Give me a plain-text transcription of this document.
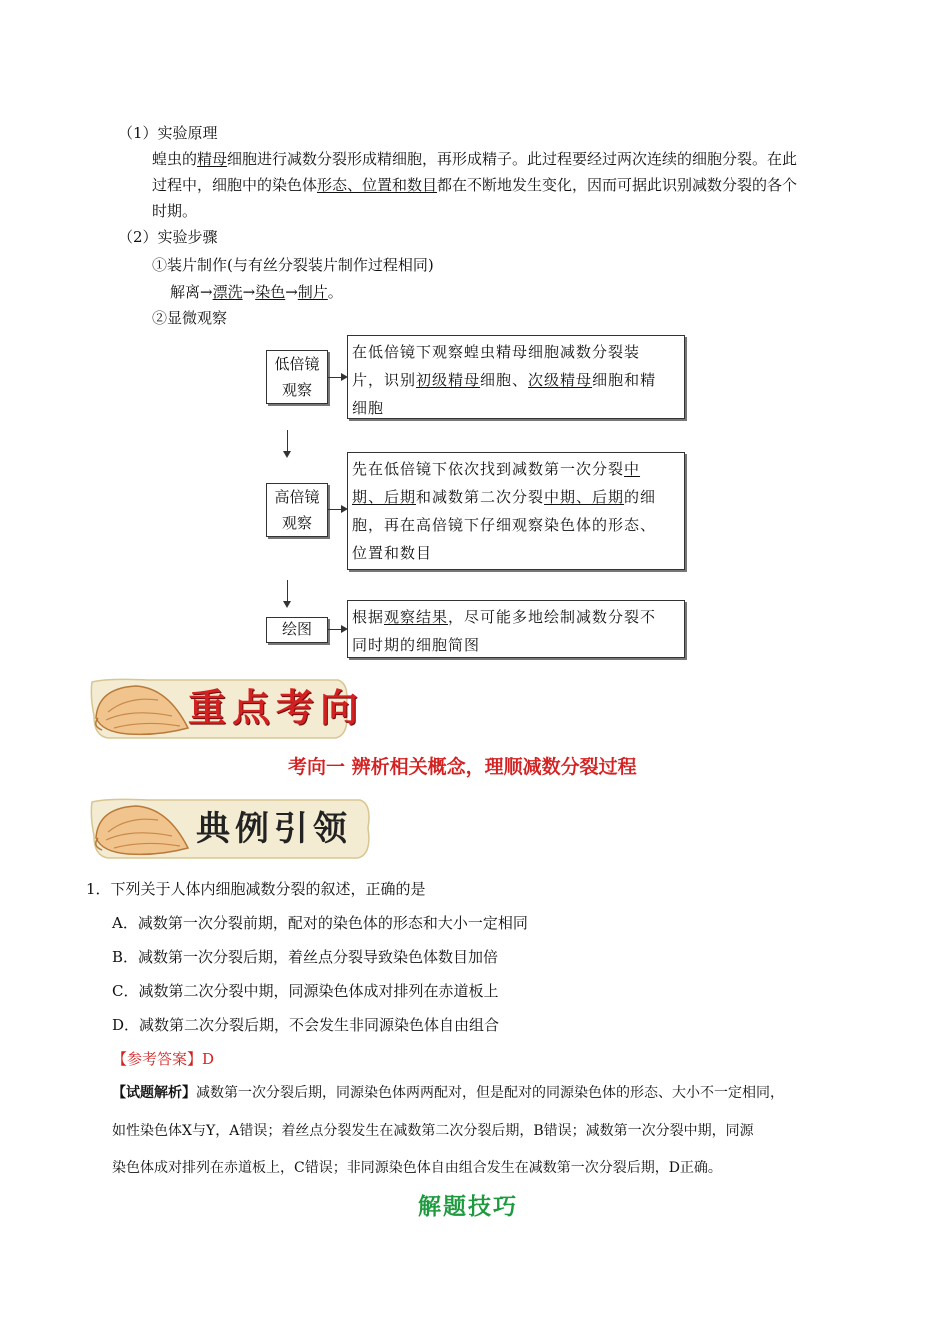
（1）实验原理
蝗虫的精母细胞进行减数分裂形成精细胞，再形成精子。此过程要经过两次连续的细胞分裂。在此
过程中，细胞中的染色体形态、位置和数目都在不断地发生变化，因而可据此识别减数分裂的各个
时期。
（2）实验步骤
①装片制作(与有丝分裂装片制作过程相同)
解离→漂洗→染色→制片。
②显微观察
低倍镜
观察
在低倍镜下观察蝗虫精母细胞减数分裂装
片，识别初级精母细胞、次级精母细胞和精
细胞
高倍镜
观察
先在低倍镜下依次找到减数第一次分裂中
期、后期和减数第二次分裂中期、后期的细
胞，再在高倍镜下仔细观察染色体的形态、
位置和数目
绘图
根据观察结果，尽可能多地绘制减数分裂不
同时期的细胞简图
重点考向
考向一 辨析相关概念，理顺减数分裂过程
典例引领
1．下列关于人体内细胞减数分裂的叙述，正确的是
A．减数第一次分裂前期，配对的染色体的形态和大小一定相同
B．减数第一次分裂后期，着丝点分裂导致染色体数目加倍
C．减数第二次分裂中期，同源染色体成对排列在赤道板上
D．减数第二次分裂后期，不会发生非同源染色体自由组合
【参考答案】D
【试题解析】减数第一次分裂后期，同源染色体两两配对，但是配对的同源染色体的形态、大小不一定相同，
如性染色体X与Y，A错误；着丝点分裂发生在减数第二次分裂后期，B错误；减数第一次分裂中期，同源
染色体成对排列在赤道板上，C错误；非同源染色体自由组合发生在减数第一次分裂后期，D正确。
解题技巧
